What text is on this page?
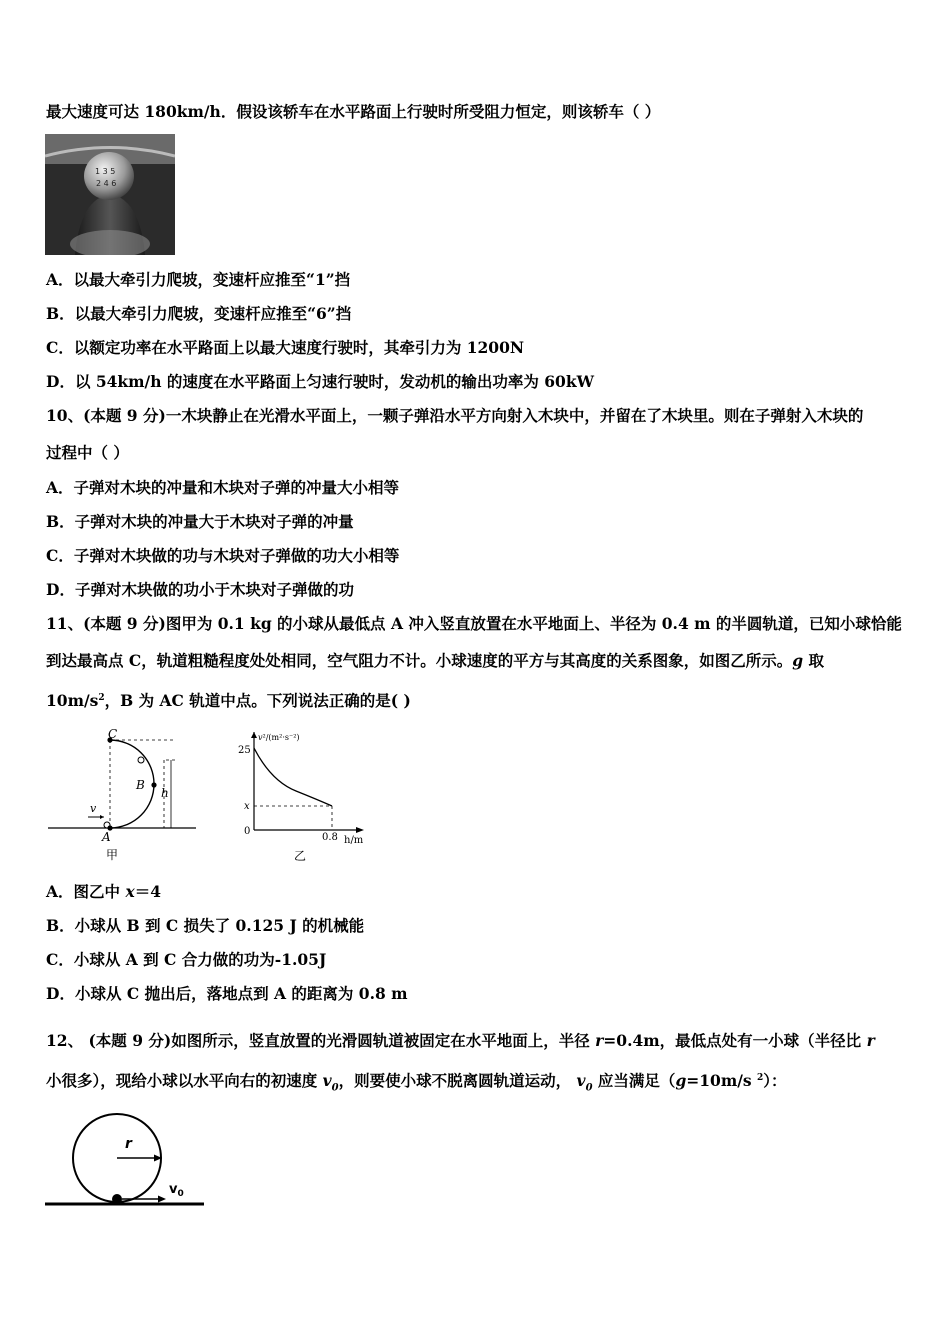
最大速度可达 180km/h．假设该轿车在水平路面上行驶时所受阻力恒定，则该轿车（ ）
1 3 5
2 4 6
A．以最大牵引力爬坡，变速杆应推至“1”挡
B．以最大牵引力爬坡，变速杆应推至“6”挡
C．以额定功率在水平路面上以最大速度行驶时，其牵引力为 1200N
D．以 54km/h 的速度在水平路面上匀速行驶时，发动机的输出功率为 60kW
10、(本题 9 分)一木块静止在光滑水平面上，一颗子弹沿水平方向射入木块中，并留在了木块里。则在子弹射入木块的
过程中（ ）
A．子弹对木块的冲量和木块对子弹的冲量大小相等
B．子弹对木块的冲量大于木块对子弹的冲量
C．子弹对木块做的功与木块对子弹做的功大小相等
D．子弹对木块做的功小于木块对子弹做的功
11、(本题 9 分)图甲为 0.1 kg 的小球从最低点 A 冲入竖直放置在水平地面上、半径为 0.4 m 的半圆轨道，已知小球恰能
到达最高点 C，轨道粗糙程度处处相同，空气阻力不计。小球速度的平方与其高度的关系图象，如图乙所示。g 取
$10m/s^2$，B 为 AC 轨道中点。下列说法正确的是( )
C
B
A
h
v
甲
v²/(m²·s⁻²)
25
x
0
0.8 h/m
乙
A．图乙中 x＝4
B．小球从 B 到 C 损失了 0.125 J 的机械能
C．小球从 A 到 C 合力做的功为-1.05J
D．小球从 C 抛出后，落地点到 A 的距离为 0.8 m
12、 (本题 9 分)如图所示，竖直放置的光滑圆轨道被固定在水平地面上，半径 r=0.4m，最低点处有一小球（半径比 r
小很多），现给小球以水平向右的初速度 $v_0$，则要使小球不脱离圆轨道运动， $v_0$ 应当满足（g=10m/s $^2$）：
r
$v_0$
